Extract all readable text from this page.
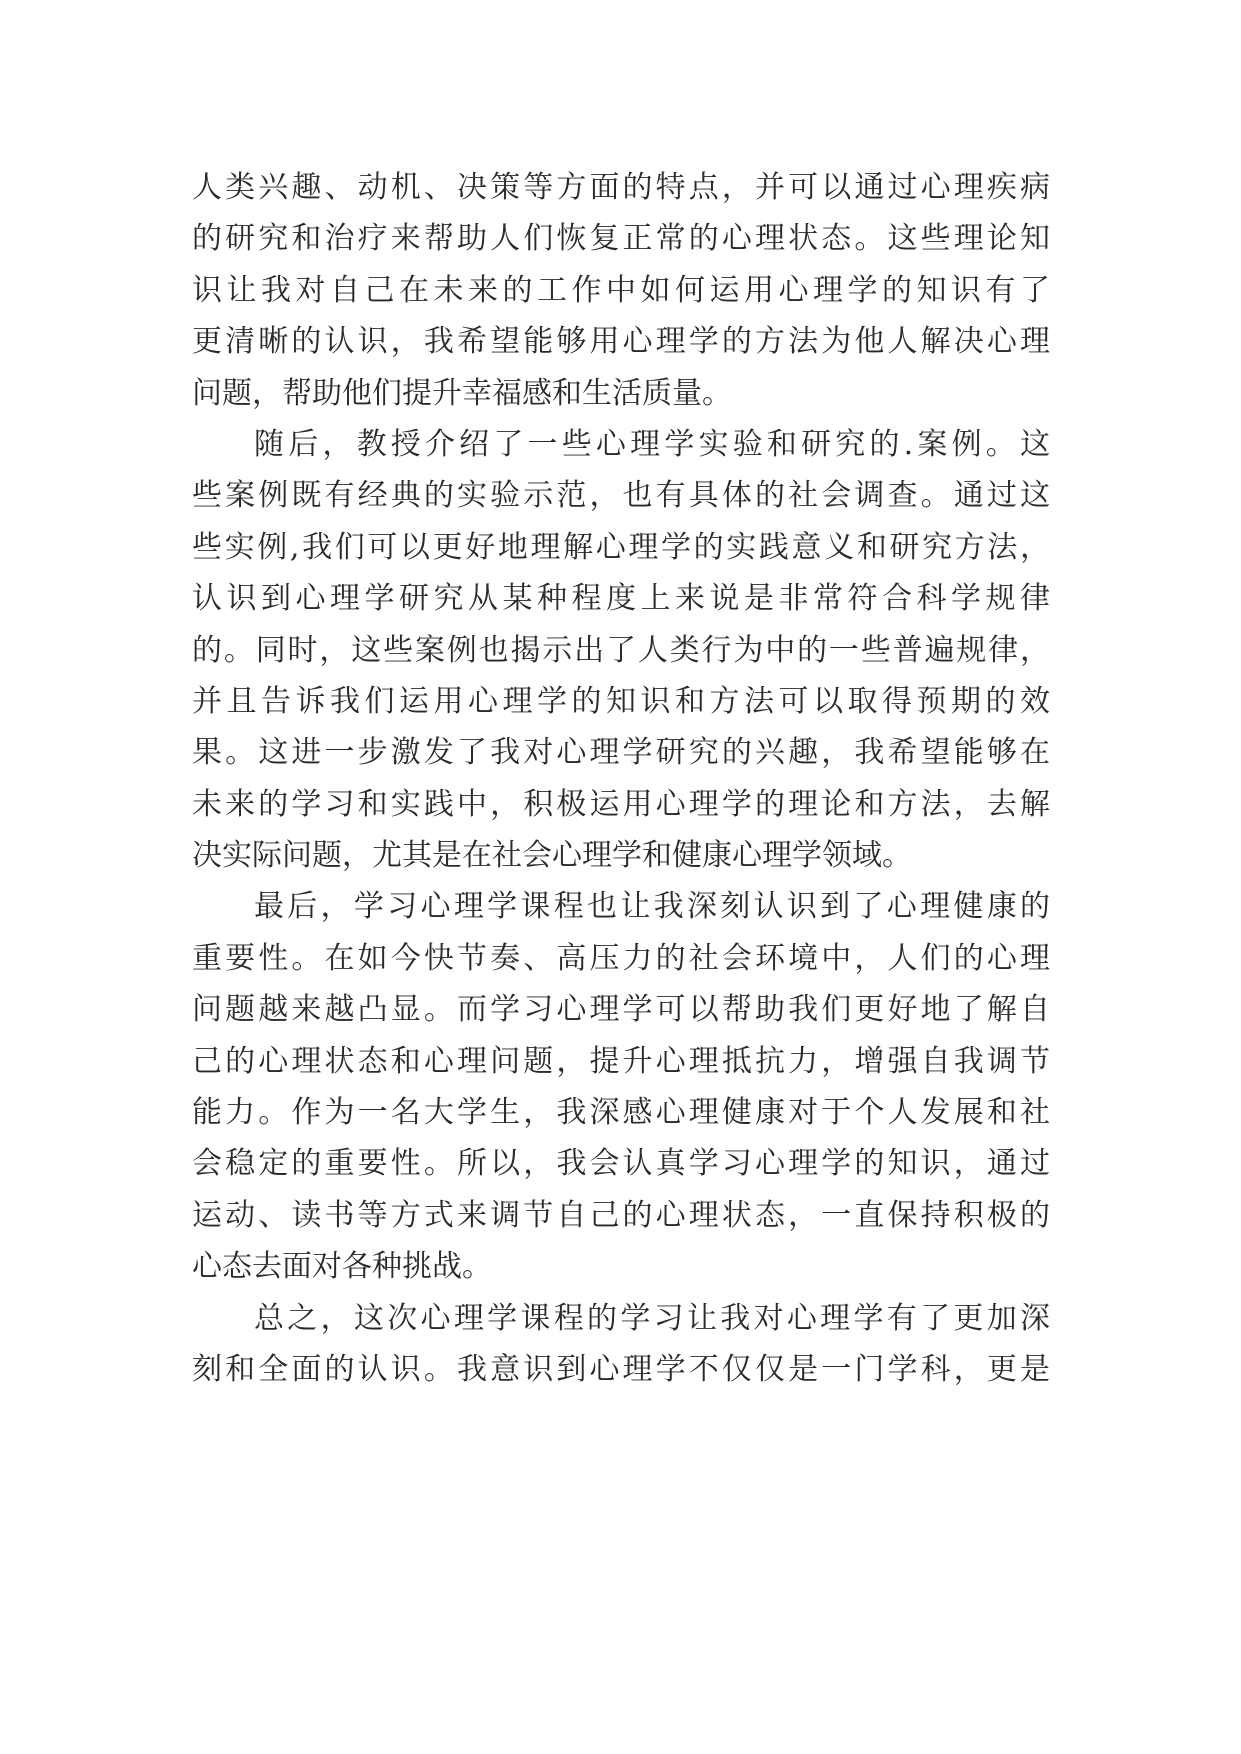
人类兴趣、动机、决策等方面的特点，并可以通过心理疾病
的研究和治疗来帮助人们恢复正常的心理状态。这些理论知
识让我对自己在未来的工作中如何运用心理学的知识有了
更清晰的认识，我希望能够用心理学的方法为他人解决心理
问题，帮助他们提升幸福感和生活质量。
随后，教授介绍了一些心理学实验和研究的.案例。这
些案例既有经典的实验示范，也有具体的社会调查。通过这
些实例,我们可以更好地理解心理学的实践意义和研究方法，
认识到心理学研究从某种程度上来说是非常符合科学规律
的。同时，这些案例也揭示出了人类行为中的一些普遍规律，
并且告诉我们运用心理学的知识和方法可以取得预期的效
果。这进一步激发了我对心理学研究的兴趣，我希望能够在
未来的学习和实践中，积极运用心理学的理论和方法，去解
决实际问题，尤其是在社会心理学和健康心理学领域。
最后，学习心理学课程也让我深刻认识到了心理健康的
重要性。在如今快节奏、高压力的社会环境中，人们的心理
问题越来越凸显。而学习心理学可以帮助我们更好地了解自
己的心理状态和心理问题，提升心理抵抗力，增强自我调节
能力。作为一名大学生，我深感心理健康对于个人发展和社
会稳定的重要性。所以，我会认真学习心理学的知识，通过
运动、读书等方式来调节自己的心理状态，一直保持积极的
心态去面对各种挑战。
总之，这次心理学课程的学习让我对心理学有了更加深
刻和全面的认识。我意识到心理学不仅仅是一门学科，更是
